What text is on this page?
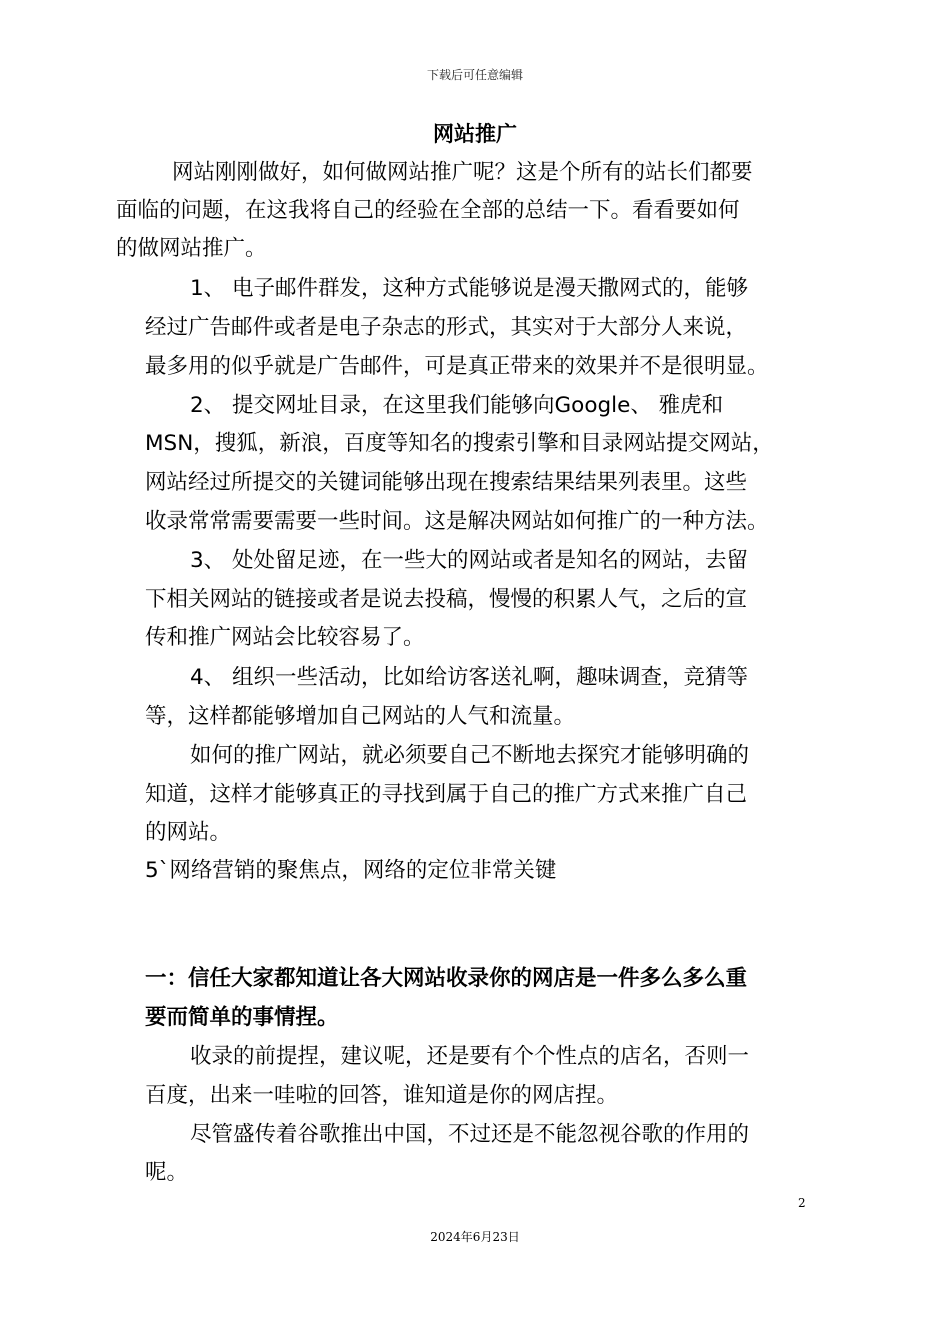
下载后可任意编辑
网站推广
网站刚刚做好，如何做网站推广呢？这是个所有的站长们都要
面临的问题，在这我将自己的经验在全部的总结一下。看看要如何
的做网站推广。
1、 电子邮件群发，这种方式能够说是漫天撒网式的，能够
经过广告邮件或者是电子杂志的形式，其实对于大部分人来说，
最多用的似乎就是广告邮件，可是真正带来的效果并不是很明显。
2、 提交网址目录，在这里我们能够向Google、 雅虎和
MSN，搜狐，新浪，百度等知名的搜索引擎和目录网站提交网站，
网站经过所提交的关键词能够出现在搜索结果结果列表里。这些
收录常常需要需要一些时间。这是解决网站如何推广的一种方法。
3、 处处留足迹，在一些大的网站或者是知名的网站，去留
下相关网站的链接或者是说去投稿，慢慢的积累人气，之后的宣
传和推广网站会比较容易了。
4、 组织一些活动，比如给访客送礼啊，趣味调查，竞猜等
等，这样都能够增加自己网站的人气和流量。
如何的推广网站，就必须要自己不断地去探究才能够明确的
知道，这样才能够真正的寻找到属于自己的推广方式来推广自己
的网站。
5`网络营销的聚焦点，网络的定位非常关键
一：信任大家都知道让各大网站收录你的网店是一件多么多么重
要而简单的事情捏。
收录的前提捏，建议呢，还是要有个个性点的店名，否则一
百度，出来一哇啦的回答，谁知道是你的网店捏。
尽管盛传着谷歌推出中国，不过还是不能忽视谷歌的作用的
呢。
2
2024年6月23日
